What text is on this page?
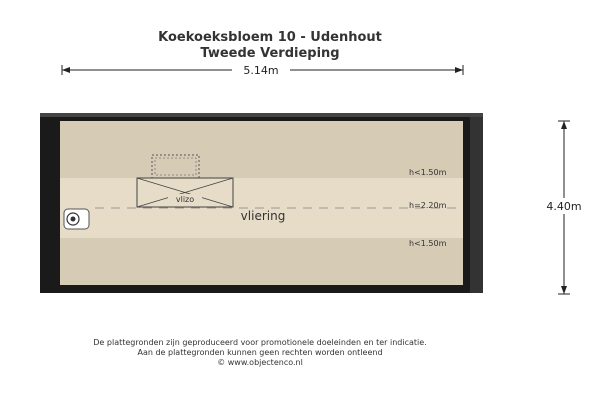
Koekoeksbloem 10 - Udenhout
Tweede Verdieping
5.14m
4.40m
vlizo
vliering
h<1.50m
h=2.20m
h<1.50m
De plattegronden zijn geproduceerd voor promotionele doeleinden en ter indicatie.
Aan de plattegronden kunnen geen rechten worden ontleend
© www.objectenco.nl
